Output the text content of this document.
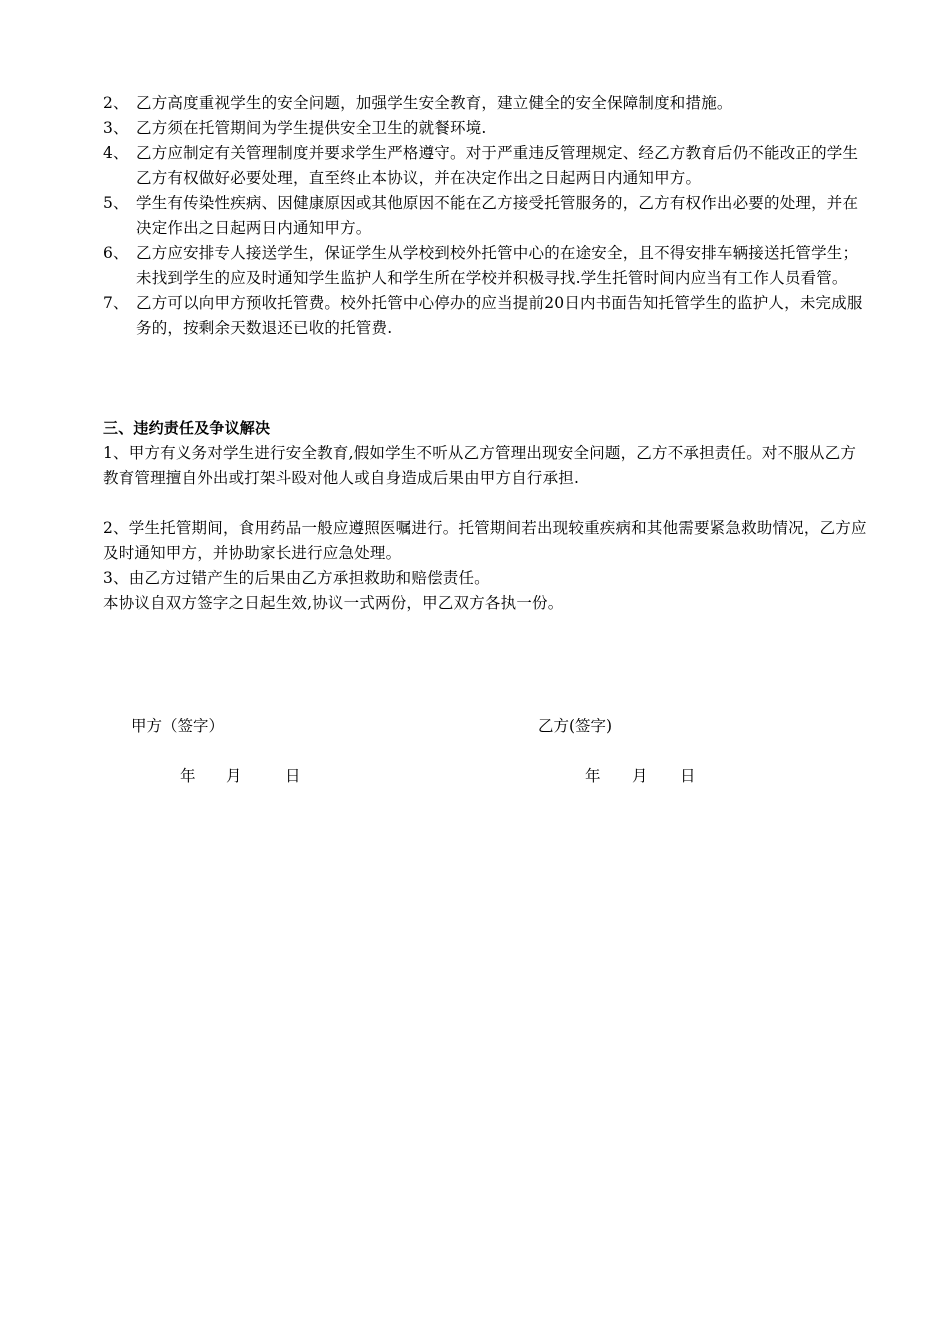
2、 乙方高度重视学生的安全问题，加强学生安全教育，建立健全的安全保障制度和措施。
3、 乙方须在托管期间为学生提供安全卫生的就餐环境.
4、 乙方应制定有关管理制度并要求学生严格遵守。对于严重违反管理规定、经乙方教育后仍不能改正的学生乙方有权做好必要处理，直至终止本协议，并在决定作出之日起两日内通知甲方。
5、 学生有传染性疾病、因健康原因或其他原因不能在乙方接受托管服务的，乙方有权作出必要的处理，并在决定作出之日起两日内通知甲方。
6、 乙方应安排专人接送学生，保证学生从学校到校外托管中心的在途安全，且不得安排车辆接送托管学生；未找到学生的应及时通知学生监护人和学生所在学校并积极寻找.学生托管时间内应当有工作人员看管。
7、 乙方可以向甲方预收托管费。校外托管中心停办的应当提前20日内书面告知托管学生的监护人，未完成服务的，按剩余天数退还已收的托管费.
三、违约责任及争议解决

1、甲方有义务对学生进行安全教育,假如学生不听从乙方管理出现安全问题，乙方不承担责任。对不服从乙方教育管理擅自外出或打架斗殴对他人或自身造成后果由甲方自行承担.

2、学生托管期间，食用药品一般应遵照医嘱进行。托管期间若出现较重疾病和其他需要紧急救助情况，乙方应及时通知甲方，并协助家长进行应急处理。

3、由乙方过错产生的后果由乙方承担救助和赔偿责任。

本协议自双方签字之日起生效,协议一式两份，甲乙双方各执一份。

甲方（签字）	乙方(签字)
年 月	日	年 月 日
